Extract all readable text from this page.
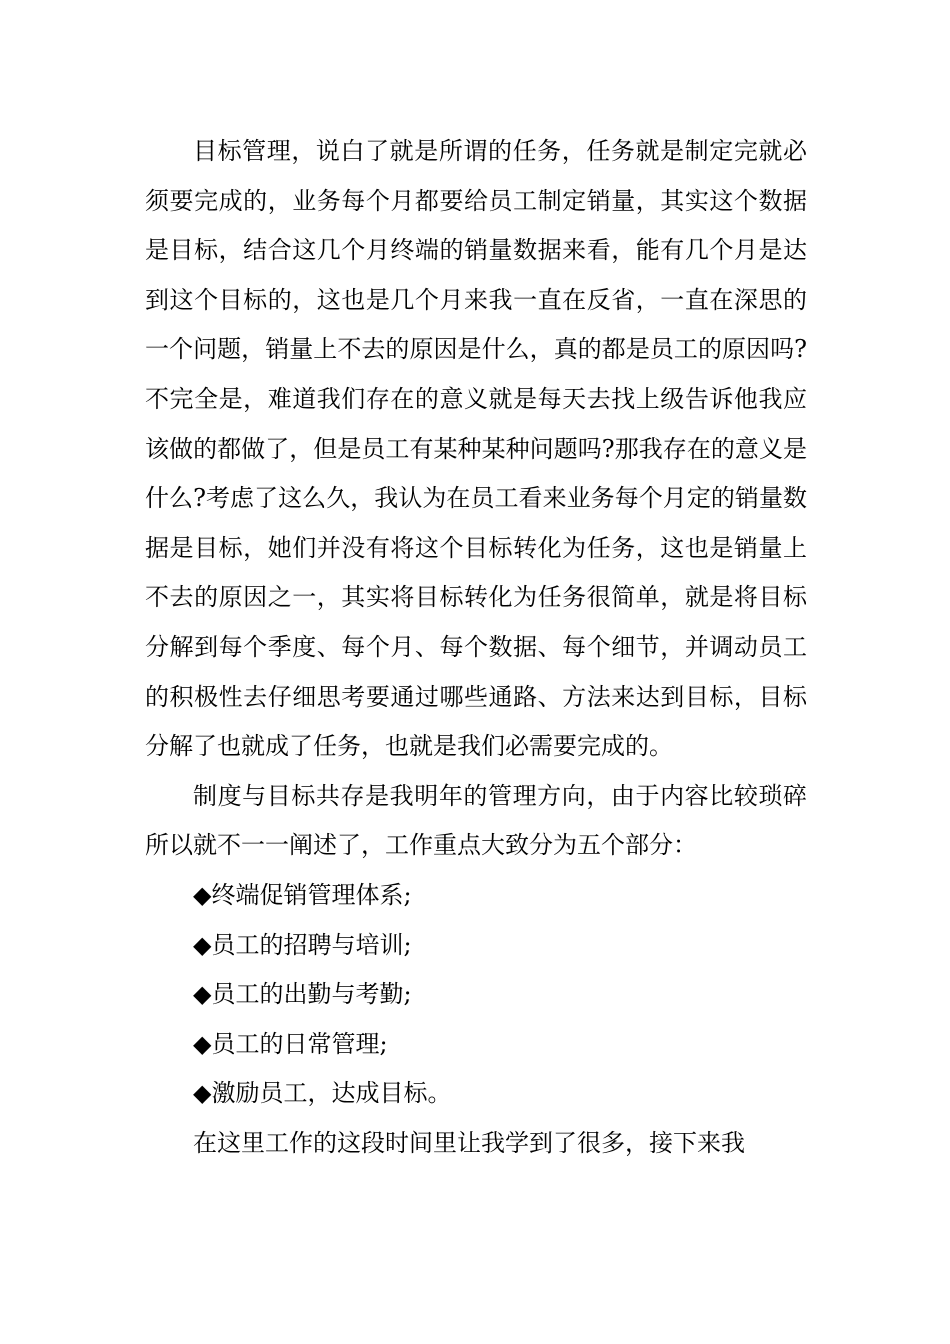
目标管理，说白了就是所谓的任务，任务就是制定完就必须要完成的，业务每个月都要给员工制定销量，其实这个数据是目标，结合这几个月终端的销量数据来看，能有几个月是达到这个目标的，这也是几个月来我一直在反省，一直在深思的一个问题，销量上不去的原因是什么，真的都是员工的原因吗?不完全是，难道我们存在的意义就是每天去找上级告诉他我应该做的都做了，但是员工有某种某种问题吗?那我存在的意义是什么?考虑了这么久，我认为在员工看来业务每个月定的销量数据是目标，她们并没有将这个目标转化为任务，这也是销量上不去的原因之一，其实将目标转化为任务很简单，就是将目标分解到每个季度、每个月、每个数据、每个细节，并调动员工的积极性去仔细思考要通过哪些通路、方法来达到目标，目标分解了也就成了任务，也就是我们必需要完成的。

制度与目标共存是我明年的管理方向，由于内容比较琐碎所以就不一一阐述了，工作重点大致分为五个部分：

◆终端促销管理体系;

◆员工的招聘与培训;

◆员工的出勤与考勤;

◆员工的日常管理;

◆激励员工，达成目标。

在这里工作的这段时间里让我学到了很多，接下来我
